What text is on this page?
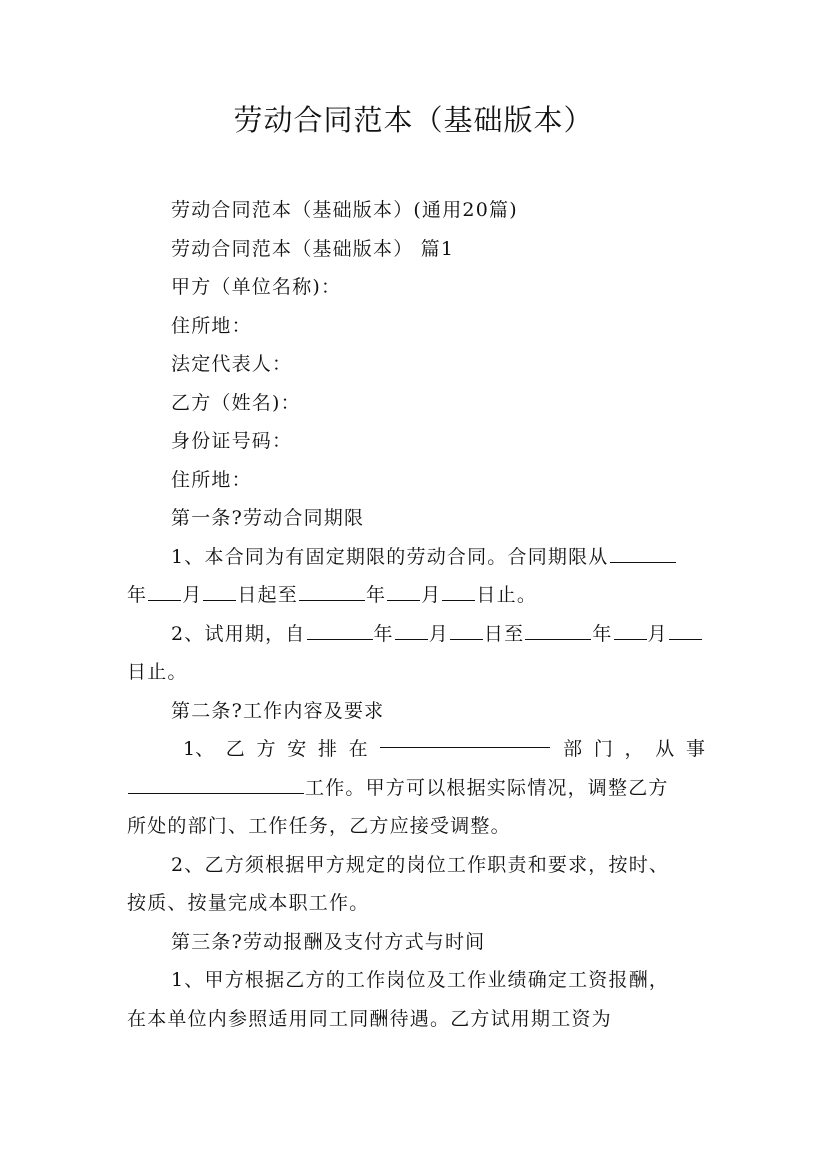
劳动合同范本（基础版本）
劳动合同范本（基础版本）(通用20篇)
劳动合同范本（基础版本） 篇1
甲方（单位名称)：
住所地：
法定代表人：
乙方（姓名)：
身份证号码：
住所地：
第一条?劳动合同期限
1、本合同为有固定期限的劳动合同。合同期限从
年 月 日起至	年 月 日止。
2、试用期，自	年 月 日至	年 月
日止。
第二条?工作内容及要求
1、 乙 方 安 排 在	部 门 ， 从 事
工作。甲方可以根据实际情况，调整乙方
所处的部门、工作任务，乙方应接受调整。
2、乙方须根据甲方规定的岗位工作职责和要求，按时、
按质、按量完成本职工作。
第三条?劳动报酬及支付方式与时间
1、甲方根据乙方的工作岗位及工作业绩确定工资报酬，
在本单位内参照适用同工同酬待遇。乙方试用期工资为
